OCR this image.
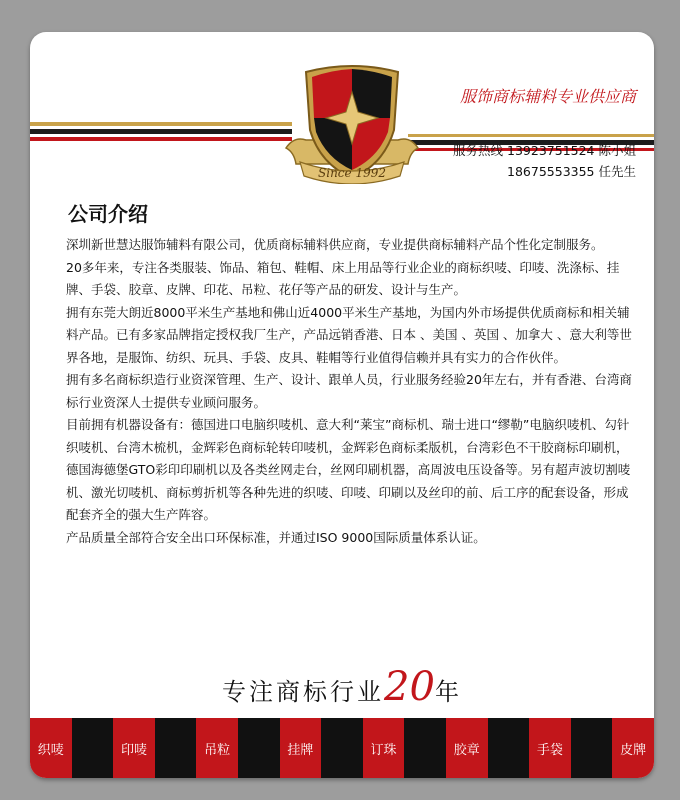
Since 1992
服饰商标辅料专业供应商
服务热线 13923751524 陈小姐
18675553355 任先生
公司介绍

深圳新世慧达服饰辅料有限公司，优质商标辅料供应商，专业提供商标辅料产品个性化定制服务。

20多年来，专注各类服装、饰品、箱包、鞋帽、床上用品等行业企业的商标织唛、印唛、洗涤标、挂牌、手袋、胶章、皮牌、印花、吊粒、花仔等产品的研发、设计与生产。

拥有东莞大朗近8000平米生产基地和佛山近4000平米生产基地，为国内外市场提供优质商标和相关辅料产品。已有多家品牌指定授权我厂生产，产品远销香港、日本 、美国 、英国 、加拿大 、意大利等世界各地，是服饰、纺织、玩具、手袋、皮具、鞋帽等行业值得信赖并具有实力的合作伙伴。

拥有多名商标织造行业资深管理、生产、设计、跟单人员，行业服务经验20年左右，并有香港、台湾商标行业资深人士提供专业顾问服务。

目前拥有机器设备有：德国进口电脑织唛机、意大利“莱宝”商标机、瑞士进口“缪勒”电脑织唛机、勾针织唛机、台湾木梳机，金辉彩色商标轮转印唛机，金辉彩色商标柔版机，台湾彩色不干胶商标印刷机，德国海德堡GTO彩印印刷机以及各类丝网走台，丝网印刷机器，高周波电压设备等。另有超声波切割唛机、激光切唛机、商标剪折机等各种先进的织唛、印唛、印刷以及丝印的前、后工序的配套设备，形成配套齐全的强大生产阵容。

产品质量全部符合安全出口环保标准，并通过ISO 9000国际质量体系认证。

专注商标行业20年
织唛	印唛	吊粒	挂牌	订珠	胶章	手袋	皮牌
